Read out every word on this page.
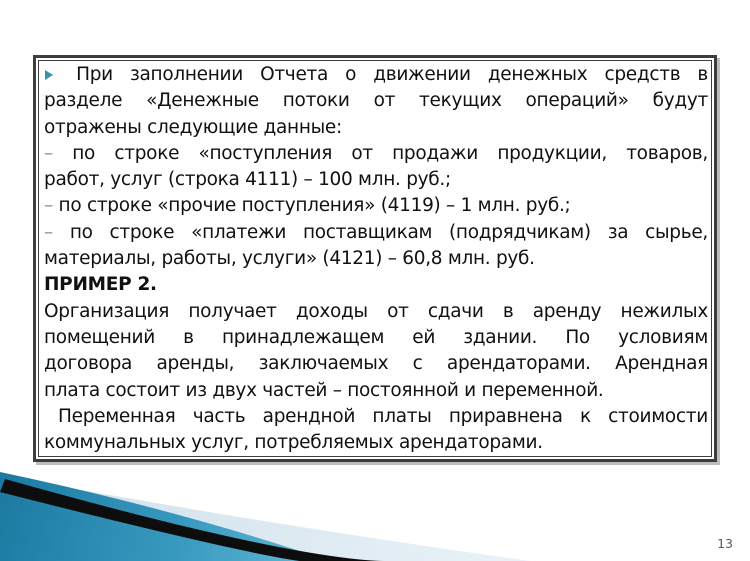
При заполнении Отчета о движении денежных средств в
разделе «Денежные потоки от текущих операций» будут
отражены следующие данные:
– по строке «поступления от продажи продукции, товаров,
работ, услуг (строка 4111) – 100 млн. руб.;
– по строке «прочие поступления» (4119) – 1 млн. руб.;
– по строке «платежи поставщикам (подрядчикам) за сырье,
материалы, работы, услуги» (4121) – 60,8 млн. руб.
ПРИМЕР 2.
Организация получает доходы от сдачи в аренду нежилых
помещений в принадлежащем ей здании. По условиям
договора аренды, заключаемых с арендаторами. Арендная
плата состоит из двух частей – постоянной и переменной.
Переменная часть арендной платы приравнена к стоимости
коммунальных услуг, потребляемых арендаторами.
13
